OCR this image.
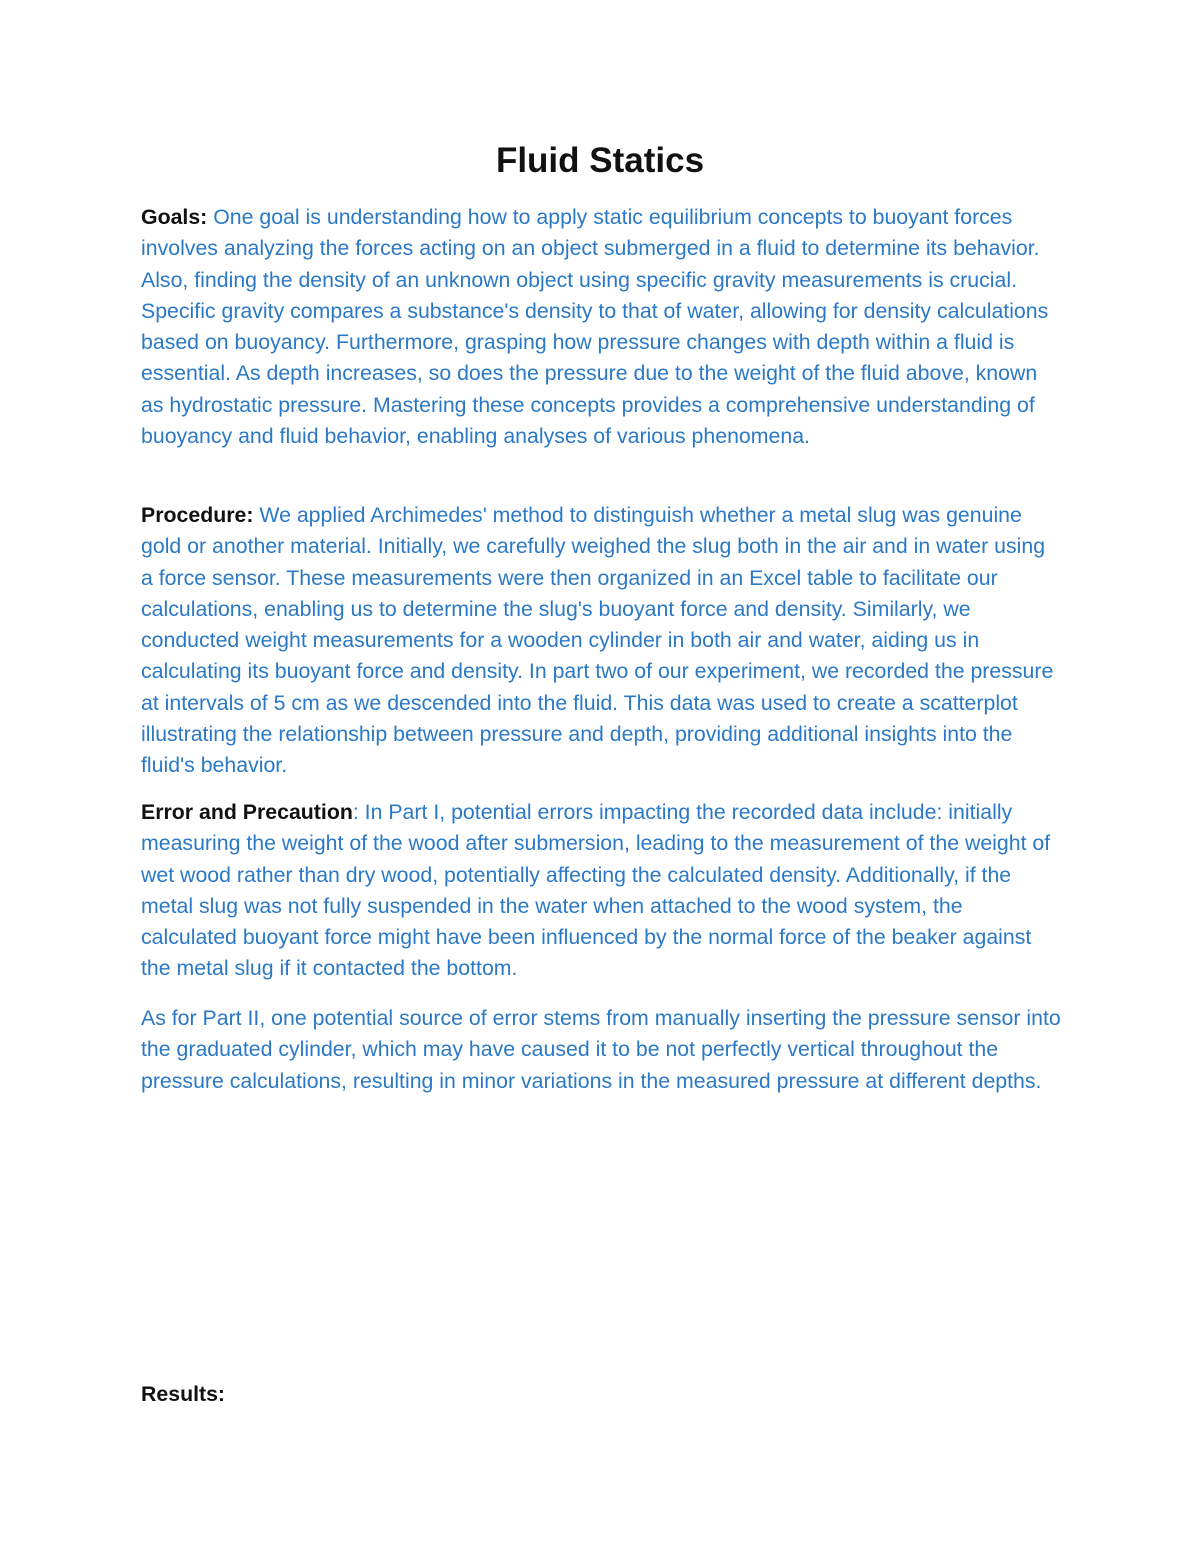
Fluid Statics

Goals: One goal is understanding how to apply static equilibrium concepts to buoyant forces involves analyzing the forces acting on an object submerged in a fluid to determine its behavior. Also, finding the density of an unknown object using specific gravity measurements is crucial. Specific gravity compares a substance's density to that of water, allowing for density calculations based on buoyancy. Furthermore, grasping how pressure changes with depth within a fluid is essential. As depth increases, so does the pressure due to the weight of the fluid above, known as hydrostatic pressure. Mastering these concepts provides a comprehensive understanding of buoyancy and fluid behavior, enabling analyses of various phenomena.

Procedure: We applied Archimedes' method to distinguish whether a metal slug was genuine gold or another material. Initially, we carefully weighed the slug both in the air and in water using a force sensor. These measurements were then organized in an Excel table to facilitate our calculations, enabling us to determine the slug's buoyant force and density. Similarly, we conducted weight measurements for a wooden cylinder in both air and water, aiding us in calculating its buoyant force and density. In part two of our experiment, we recorded the pressure at intervals of 5 cm as we descended into the fluid. This data was used to create a scatterplot illustrating the relationship between pressure and depth, providing additional insights into the fluid's behavior.

Error and Precaution: In Part I, potential errors impacting the recorded data include: initially measuring the weight of the wood after submersion, leading to the measurement of the weight of wet wood rather than dry wood, potentially affecting the calculated density. Additionally, if the metal slug was not fully suspended in the water when attached to the wood system, the calculated buoyant force might have been influenced by the normal force of the beaker against the metal slug if it contacted the bottom.

As for Part II, one potential source of error stems from manually inserting the pressure sensor into the graduated cylinder, which may have caused it to be not perfectly vertical throughout the pressure calculations, resulting in minor variations in the measured pressure at different depths.

Results:
